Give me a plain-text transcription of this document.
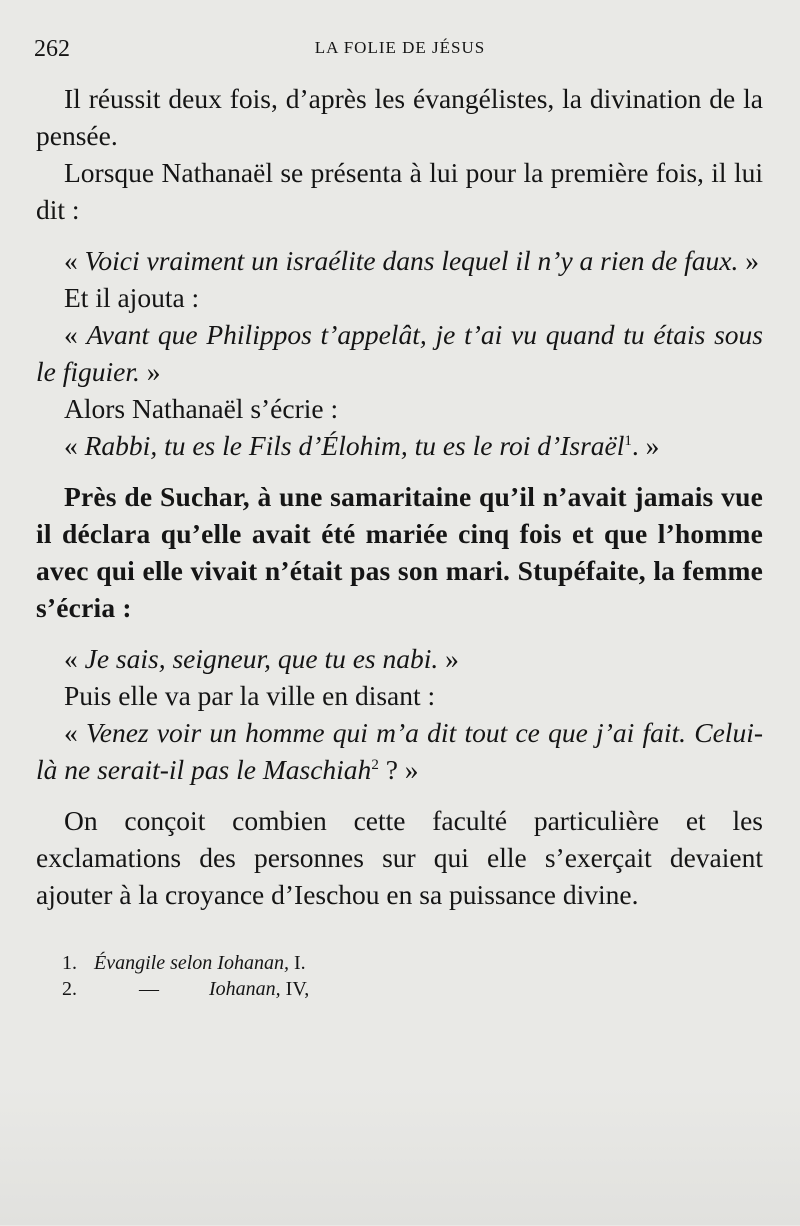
262	LA FOLIE DE JÉSUS

Il réussit deux fois, d’après les évangélistes, la divination de la pensée.

Lorsque Nathanaël se présenta à lui pour la première fois, il lui dit :

« Voici vraiment un israélite dans lequel il n’y a rien de faux. »

Et il ajouta :

« Avant que Philippos t’appelât, je t’ai vu quand tu étais sous le figuier. »

Alors Nathanaël s’écrie :

« Rabbi, tu es le Fils d’Élohim, tu es le roi d’Israël$^1$. »

Près de Suchar, à une samaritaine qu’il n’avait jamais vue il déclara qu’elle avait été mariée cinq fois et que l’homme avec qui elle vivait n’était pas son mari. Stupéfaite, la femme s’écria :

« Je sais, seigneur, que tu es nabi. »

Puis elle va par la ville en disant :

« Venez voir un homme qui m’a dit tout ce que j’ai fait. Celui-là ne serait-il pas le Maschiah$^2$ ? »

On conçoit combien cette faculté particulière et les exclamations des personnes sur qui elle s’exerçait devaient ajouter à la croyance d’Ieschou en sa puissance divine.

1. Évangile selon Iohanan, I.
2.	—	Iohanan, IV,
